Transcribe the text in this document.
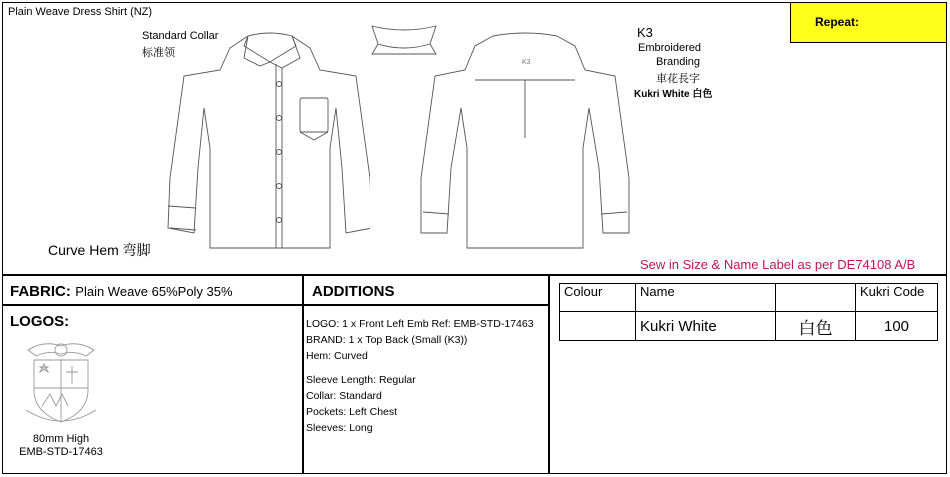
Plain Weave Dress Shirt (NZ)
Repeat:
Standard Collar
标准领
K3
Embroidered
Branding
車花長字
Kukri White 白色
Curve Hem 弯脚
Sew in Size & Name Label as per DE74108 A/B
K3
FABRIC: Plain Weave 65%Poly 35%	ADDITIONS
LOGO: 1 x Front Left Emb Ref: EMB-STD-17463
BRAND: 1 x Top Back (Small (K3))
Hem: Curved
Sleeve Length: Regular
Collar: Standard
Pockets: Left Chest
Sleeves: Long
LOGOS:
80mm High
EMB-STD-17463
Colour	Name		Kukri Code
	Kukri White	白色	100
